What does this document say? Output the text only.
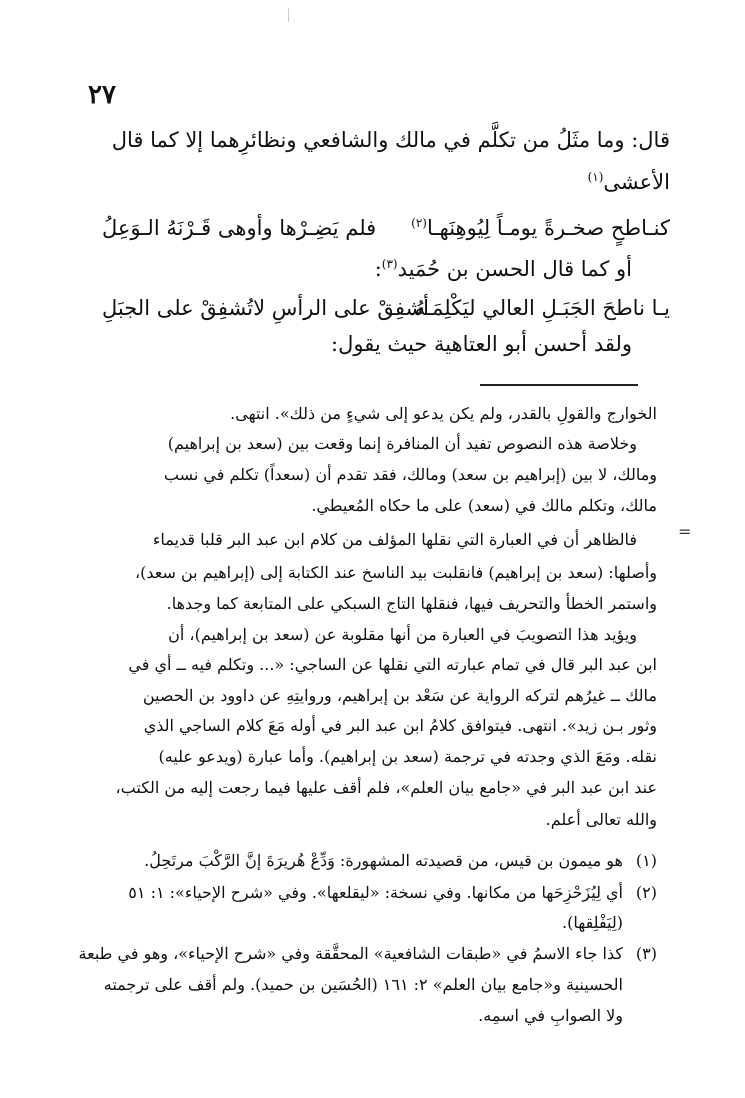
٢٧
قال: وما مثَلُ من تكلَّم في مالك والشافعي ونظائرِهما إلا كما قال
الأعشى$^{(١)}$
كنـاطحٍ صخـرةً يومـاً لِيُوهِنَهـا$^{(٢)}$
فلم يَضِـرْها وأوهى قَـرْنَهُ الـوَعِلُ
أو كما قال الحسن بن حُمَيد$^{(٣)}$:
يـا ناطحَ الجَبَـلِ العالي ليَكْلِمَـهُ
أشفِقْ على الرأسِ لاتُشفِقْ على الجبَلِ
ولقد أحسن أبو العتاهية حيث يقول:
الخوارج والقولِ بالقدر، ولم يكن يدعو إلى شيءٍ من ذلك». انتهى.
وخلاصة هذه النصوص تفيد أن المنافرة إنما وقعت بين (سعد بن إبراهيم)
ومالك، لا بين (إبراهيم بن سعد) ومالك، فقد تقدم أن (سعداً) تكلم في نسب
مالك، وتكلم مالك في (سعد) على ما حكاه المُعيطي.
فالظاهر أن في العبارة التي نقلها المؤلف من كلام ابن عبد البر قلبا قديماء
وأصلها: (سعد بن إبراهيم) فانقلبت بيد الناسخ عند الكتابة إلى (إبراهيم بن سعد)،
واستمر الخطأ والتحريف فيها، فنقلها التاج السبكي على المتابعة كما وجدها.
ويؤيد هذا التصويبَ في العبارة من أنها مقلوبة عن (سعد بن إبراهيم)، أن
ابن عبد البر قال في تمام عبارته التي نقلها عن الساجي: «... وتكلم فيه ــ أي في
مالك ــ غيرُهم لتركه الرواية عن سَعْد بن إبراهيم، وروايتِهِ عن داوود بن الحصين
وثور بـن زيد». انتهى. فيتوافق كلامُ ابن عبد البر في أوله مَعَ كلام الساجي الذي
نقله. ومَعَ الذي وجدته في ترجمة (سعد بن إبراهيم). وأما عبارة (ويدعو عليه)
عند ابن عبد البر في «جامع بيان العلم»، فلم أقف عليها فيما رجعت إليه من الكتب،
والله تعالى أعلم.
=
(١)
هو ميمون بن قيس، من قصيدته المشهورة: وَدِّعْ هُريرَةَ إنَّ الرَّكْبَ مرتَحِلُ.
(٢)
أي لِيُزَحْزِحَها من مكانها. وفي نسخة: «ليقلعها». وفي «شرح الإحياء»: ١: ٥١
(لِيَفْلِقها).
(٣)
كذا جاء الاسمُ في «طبقات الشافعية» المحقَّقة وفي «شرح الإحياء»، وهو في طبعة
الحسينية و«جامع بيان العلم» ٢: ١٦١ (الحُسَين بن حميد). ولم أقف على ترجمته
ولا الصوابِ في اسمِه.
